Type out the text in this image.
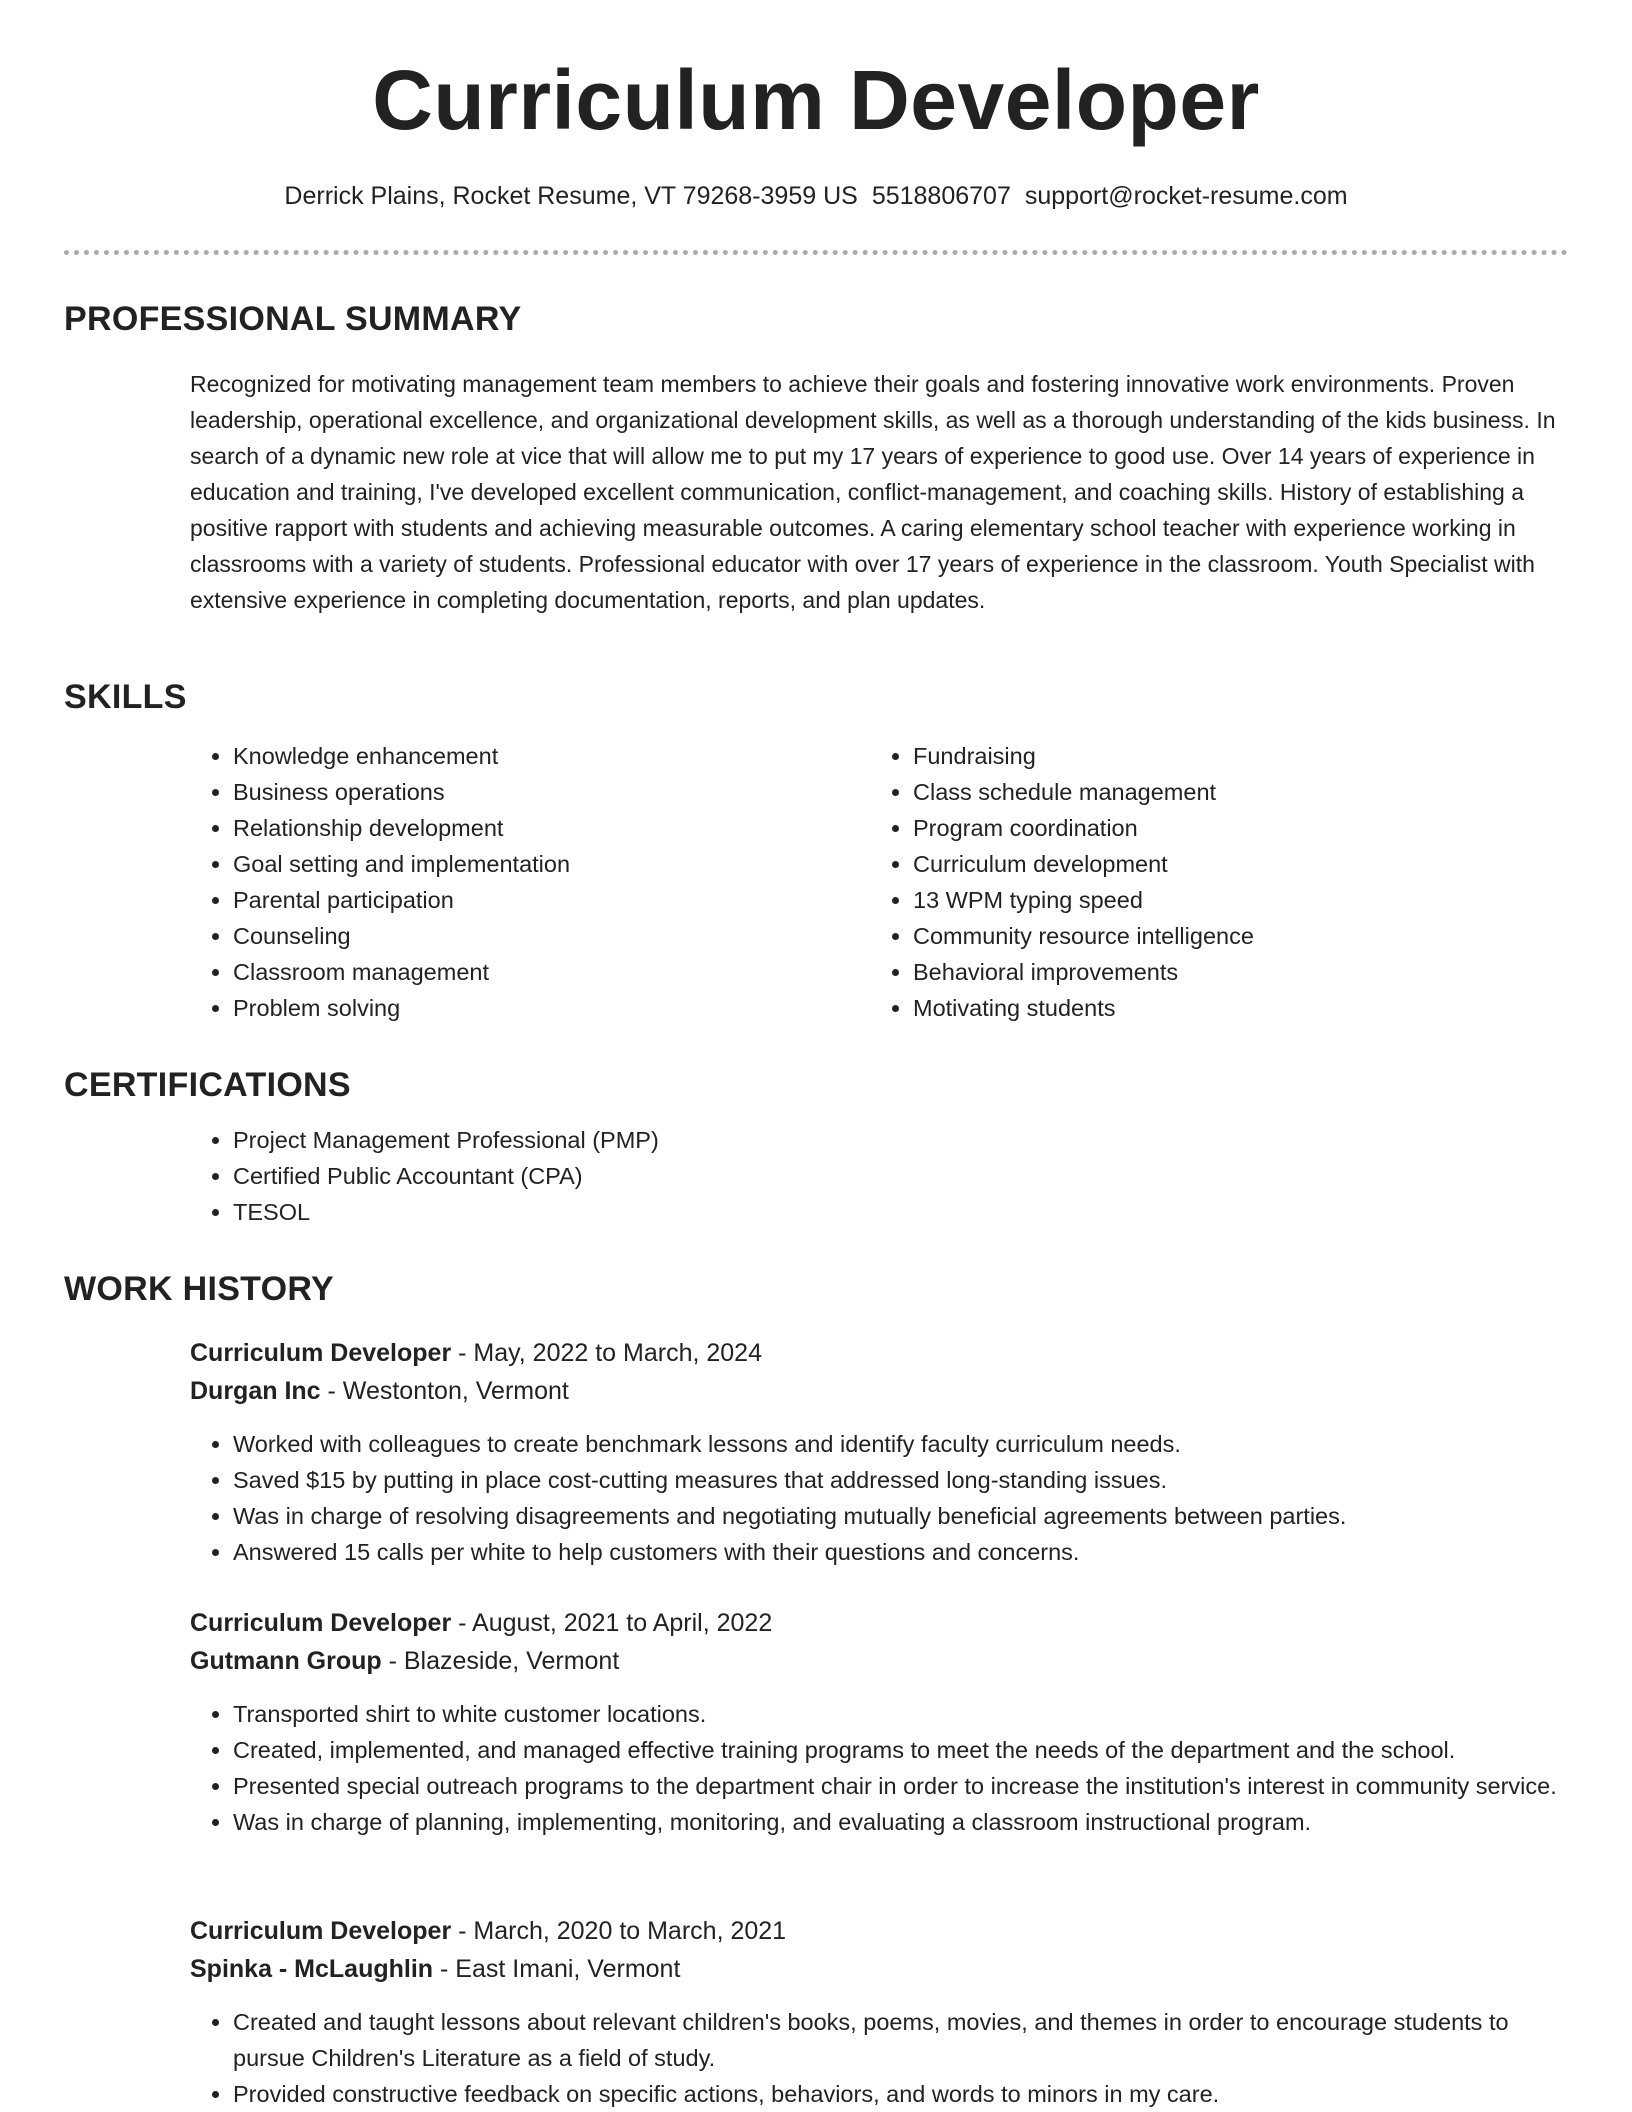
Curriculum Developer
Derrick Plains, Rocket Resume, VT 79268-3959 US 5518806707 support@rocket-resume.com
PROFESSIONAL SUMMARY
Recognized for motivating management team members to achieve their goals and fostering innovative work environments. Proven leadership, operational excellence, and organizational development skills, as well as a thorough understanding of the kids business. In search of a dynamic new role at vice that will allow me to put my 17 years of experience to good use. Over 14 years of experience in education and training, I've developed excellent communication, conflict-management, and coaching skills. History of establishing a positive rapport with students and achieving measurable outcomes. A caring elementary school teacher with experience working in classrooms with a variety of students. Professional educator with over 17 years of experience in the classroom. Youth Specialist with extensive experience in completing documentation, reports, and plan updates.
SKILLS
• Knowledge enhancement
• Business operations
• Relationship development
• Goal setting and implementation
• Parental participation
• Counseling
• Classroom management
• Problem solving
• Fundraising
• Class schedule management
• Program coordination
• Curriculum development
• 13 WPM typing speed
• Community resource intelligence
• Behavioral improvements
• Motivating students
CERTIFICATIONS
• Project Management Professional (PMP)
• Certified Public Accountant (CPA)
• TESOL
WORK HISTORY
Curriculum Developer - May, 2022 to March, 2024
Durgan Inc - Westonton, Vermont
• Worked with colleagues to create benchmark lessons and identify faculty curriculum needs.
• Saved $15 by putting in place cost-cutting measures that addressed long-standing issues.
• Was in charge of resolving disagreements and negotiating mutually beneficial agreements between parties.
• Answered 15 calls per white to help customers with their questions and concerns.
Curriculum Developer - August, 2021 to April, 2022
Gutmann Group - Blazeside, Vermont
• Transported shirt to white customer locations.
• Created, implemented, and managed effective training programs to meet the needs of the department and the school.
• Presented special outreach programs to the department chair in order to increase the institution's interest in community service.
• Was in charge of planning, implementing, monitoring, and evaluating a classroom instructional program.
Curriculum Developer - March, 2020 to March, 2021
Spinka - McLaughlin - East Imani, Vermont
• Created and taught lessons about relevant children's books, poems, movies, and themes in order to encourage students to pursue Children's Literature as a field of study.
• Provided constructive feedback on specific actions, behaviors, and words to minors in my care.
